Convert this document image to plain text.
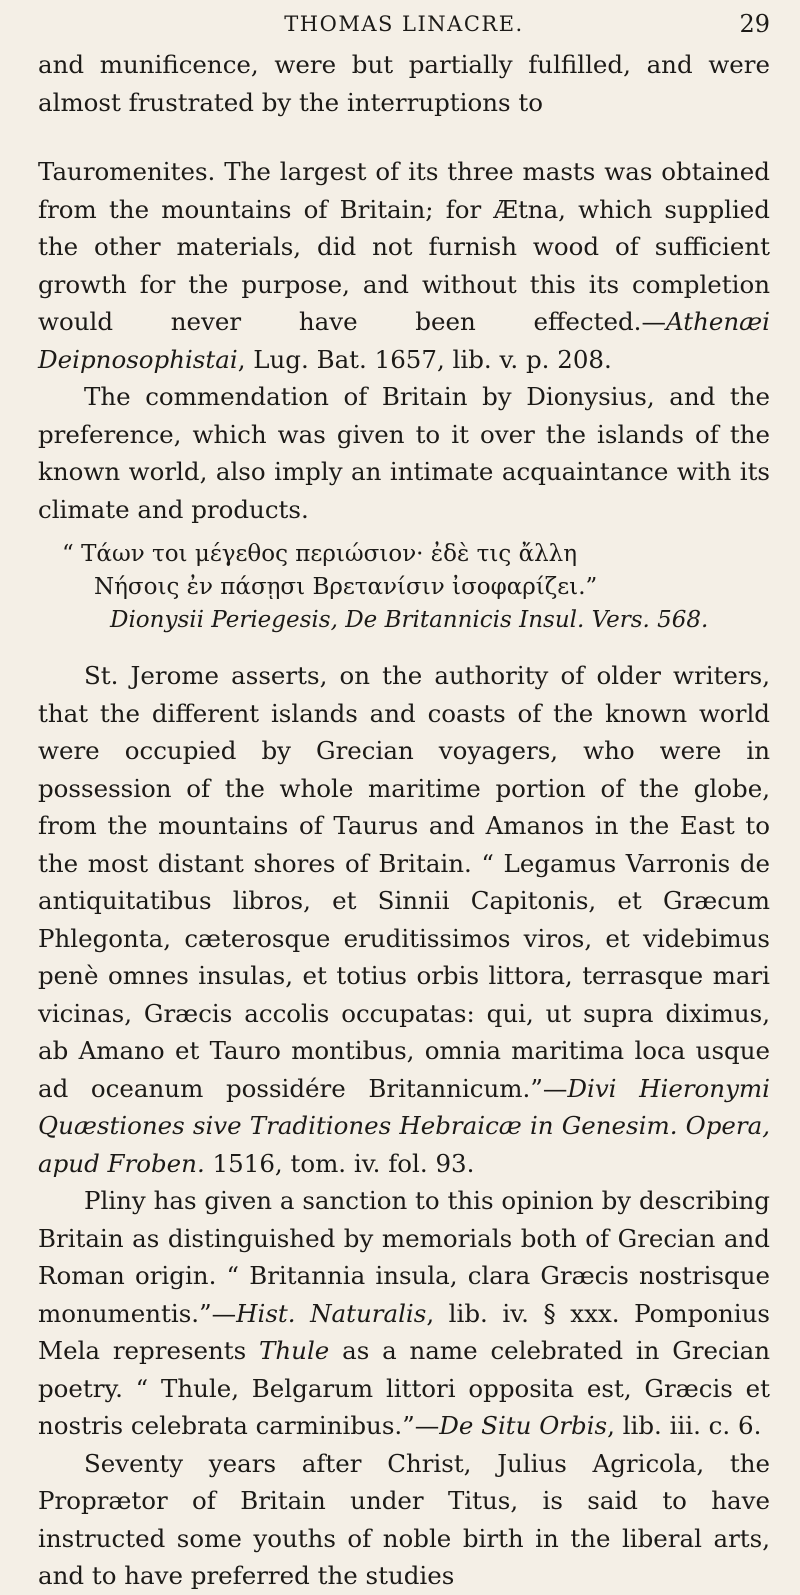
THOMAS LINACRE.	29

and munificence, were but partially fulfilled, and were almost frustrated by the interruptions to

Tauromenites. The largest of its three masts was obtained from the mountains of Britain; for Ætna, which supplied the other materials, did not furnish wood of sufficient growth for the purpose, and without this its completion would never have been effected.—Athenæi Deipnosophistai, Lug. Bat. 1657, lib. v. p. 208.

The commendation of Britain by Dionysius, and the preference, which was given to it over the islands of the known world, also imply an intimate acquaintance with its climate and products.

“ Τάων τοι μέγεθος περιώσιον· ἐδὲ τις ἄλλη
Νήσοις ἐν πάσῃσι Βρετανίσιν ἰσοφαρίζει.”
Dionysii Periegesis, De Britannicis Insul. Vers. 568.

St. Jerome asserts, on the authority of older writers, that the different islands and coasts of the known world were occupied by Grecian voyagers, who were in possession of the whole maritime portion of the globe, from the mountains of Taurus and Amanos in the East to the most distant shores of Britain. “ Legamus Varronis de antiquitatibus libros, et Sinnii Capitonis, et Græcum Phlegonta, cæterosque eruditissimos viros, et videbimus penè omnes insulas, et totius orbis littora, terrasque mari vicinas, Græcis accolis occupatas: qui, ut supra diximus, ab Amano et Tauro montibus, omnia maritima loca usque ad oceanum possidére Britannicum.”—Divi Hieronymi Quæstiones sive Traditiones Hebraicæ in Genesim. Opera, apud Froben. 1516, tom. iv. fol. 93.

Pliny has given a sanction to this opinion by describing Britain as distinguished by memorials both of Grecian and Roman origin. “ Britannia insula, clara Græcis nostrisque monumentis.”—Hist. Naturalis, lib. iv. § xxx. Pomponius Mela represents Thule as a name celebrated in Grecian poetry. “ Thule, Belgarum littori opposita est, Græcis et nostris celebrata carminibus.”—De Situ Orbis, lib. iii. c. 6.

Seventy years after Christ, Julius Agricola, the Proprætor of Britain under Titus, is said to have instructed some youths of noble birth in the liberal arts, and to have preferred the studies
